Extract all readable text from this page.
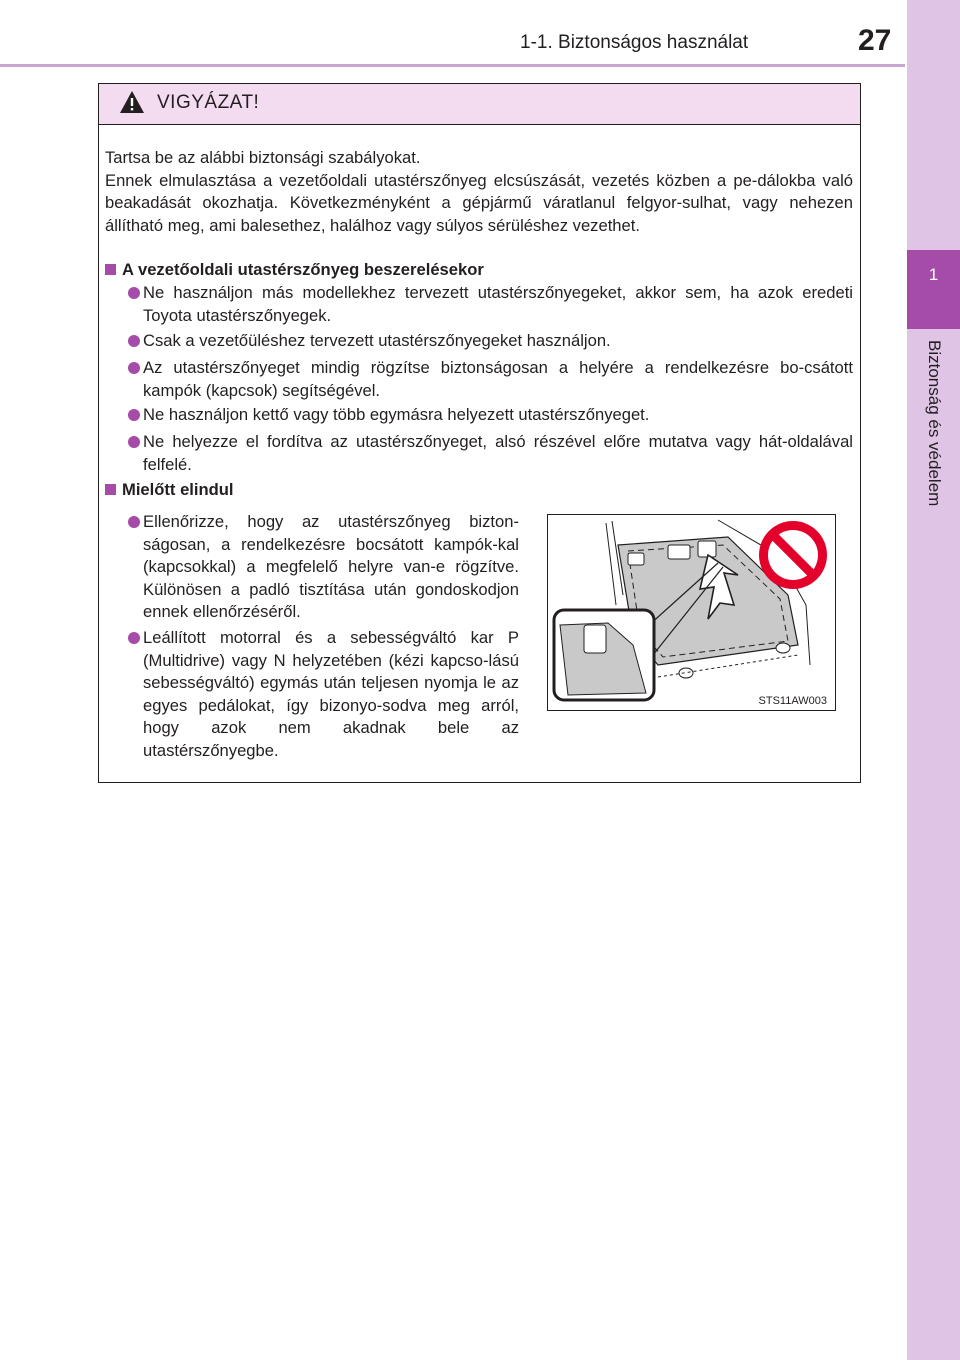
1-1. Biztonságos használat	27
1
Biztonság és védelem
VIGYÁZAT!

Tartsa be az alábbi biztonsági szabályokat.

Ennek elmulasztása a vezetőoldali utastérszőnyeg elcsúszását, vezetés közben a pe-dálokba való beakadását okozhatja. Következményként a gépjármű váratlanul felgyor-sulhat, vagy nehezen állítható meg, ami balesethez, halálhoz vagy súlyos sérüléshez vezethet.

A vezetőoldali utastérszőnyeg beszerelésekor
Ne használjon más modellekhez tervezett utastérszőnyegeket, akkor sem, ha azok eredeti Toyota utastérszőnyegek.
Csak a vezetőüléshez tervezett utastérszőnyegeket használjon.
Az utastérszőnyeget mindig rögzítse biztonságosan a helyére a rendelkezésre bo-csátott kampók (kapcsok) segítségével.
Ne használjon kettő vagy több egymásra helyezett utastérszőnyeget.
Ne helyezze el fordítva az utastérszőnyeget, alsó részével előre mutatva vagy hát-oldalával felfelé.
Mielőtt elindul
Ellenőrizze, hogy az utastérszőnyeg bizton-ságosan, a rendelkezésre bocsátott kampók-kal (kapcsokkal) a megfelelő helyre van-e rögzítve. Különösen a padló tisztítása után gondoskodjon ennek ellenőrzéséről.
Leállított motorral és a sebességváltó kar P (Multidrive) vagy N helyzetében (kézi kapcso-lású sebességváltó) egymás után teljesen nyomja le az egyes pedálokat, így bizonyo-sodva meg arról, hogy azok nem akadnak bele az utastérszőnyegbe.
STS11AW003
